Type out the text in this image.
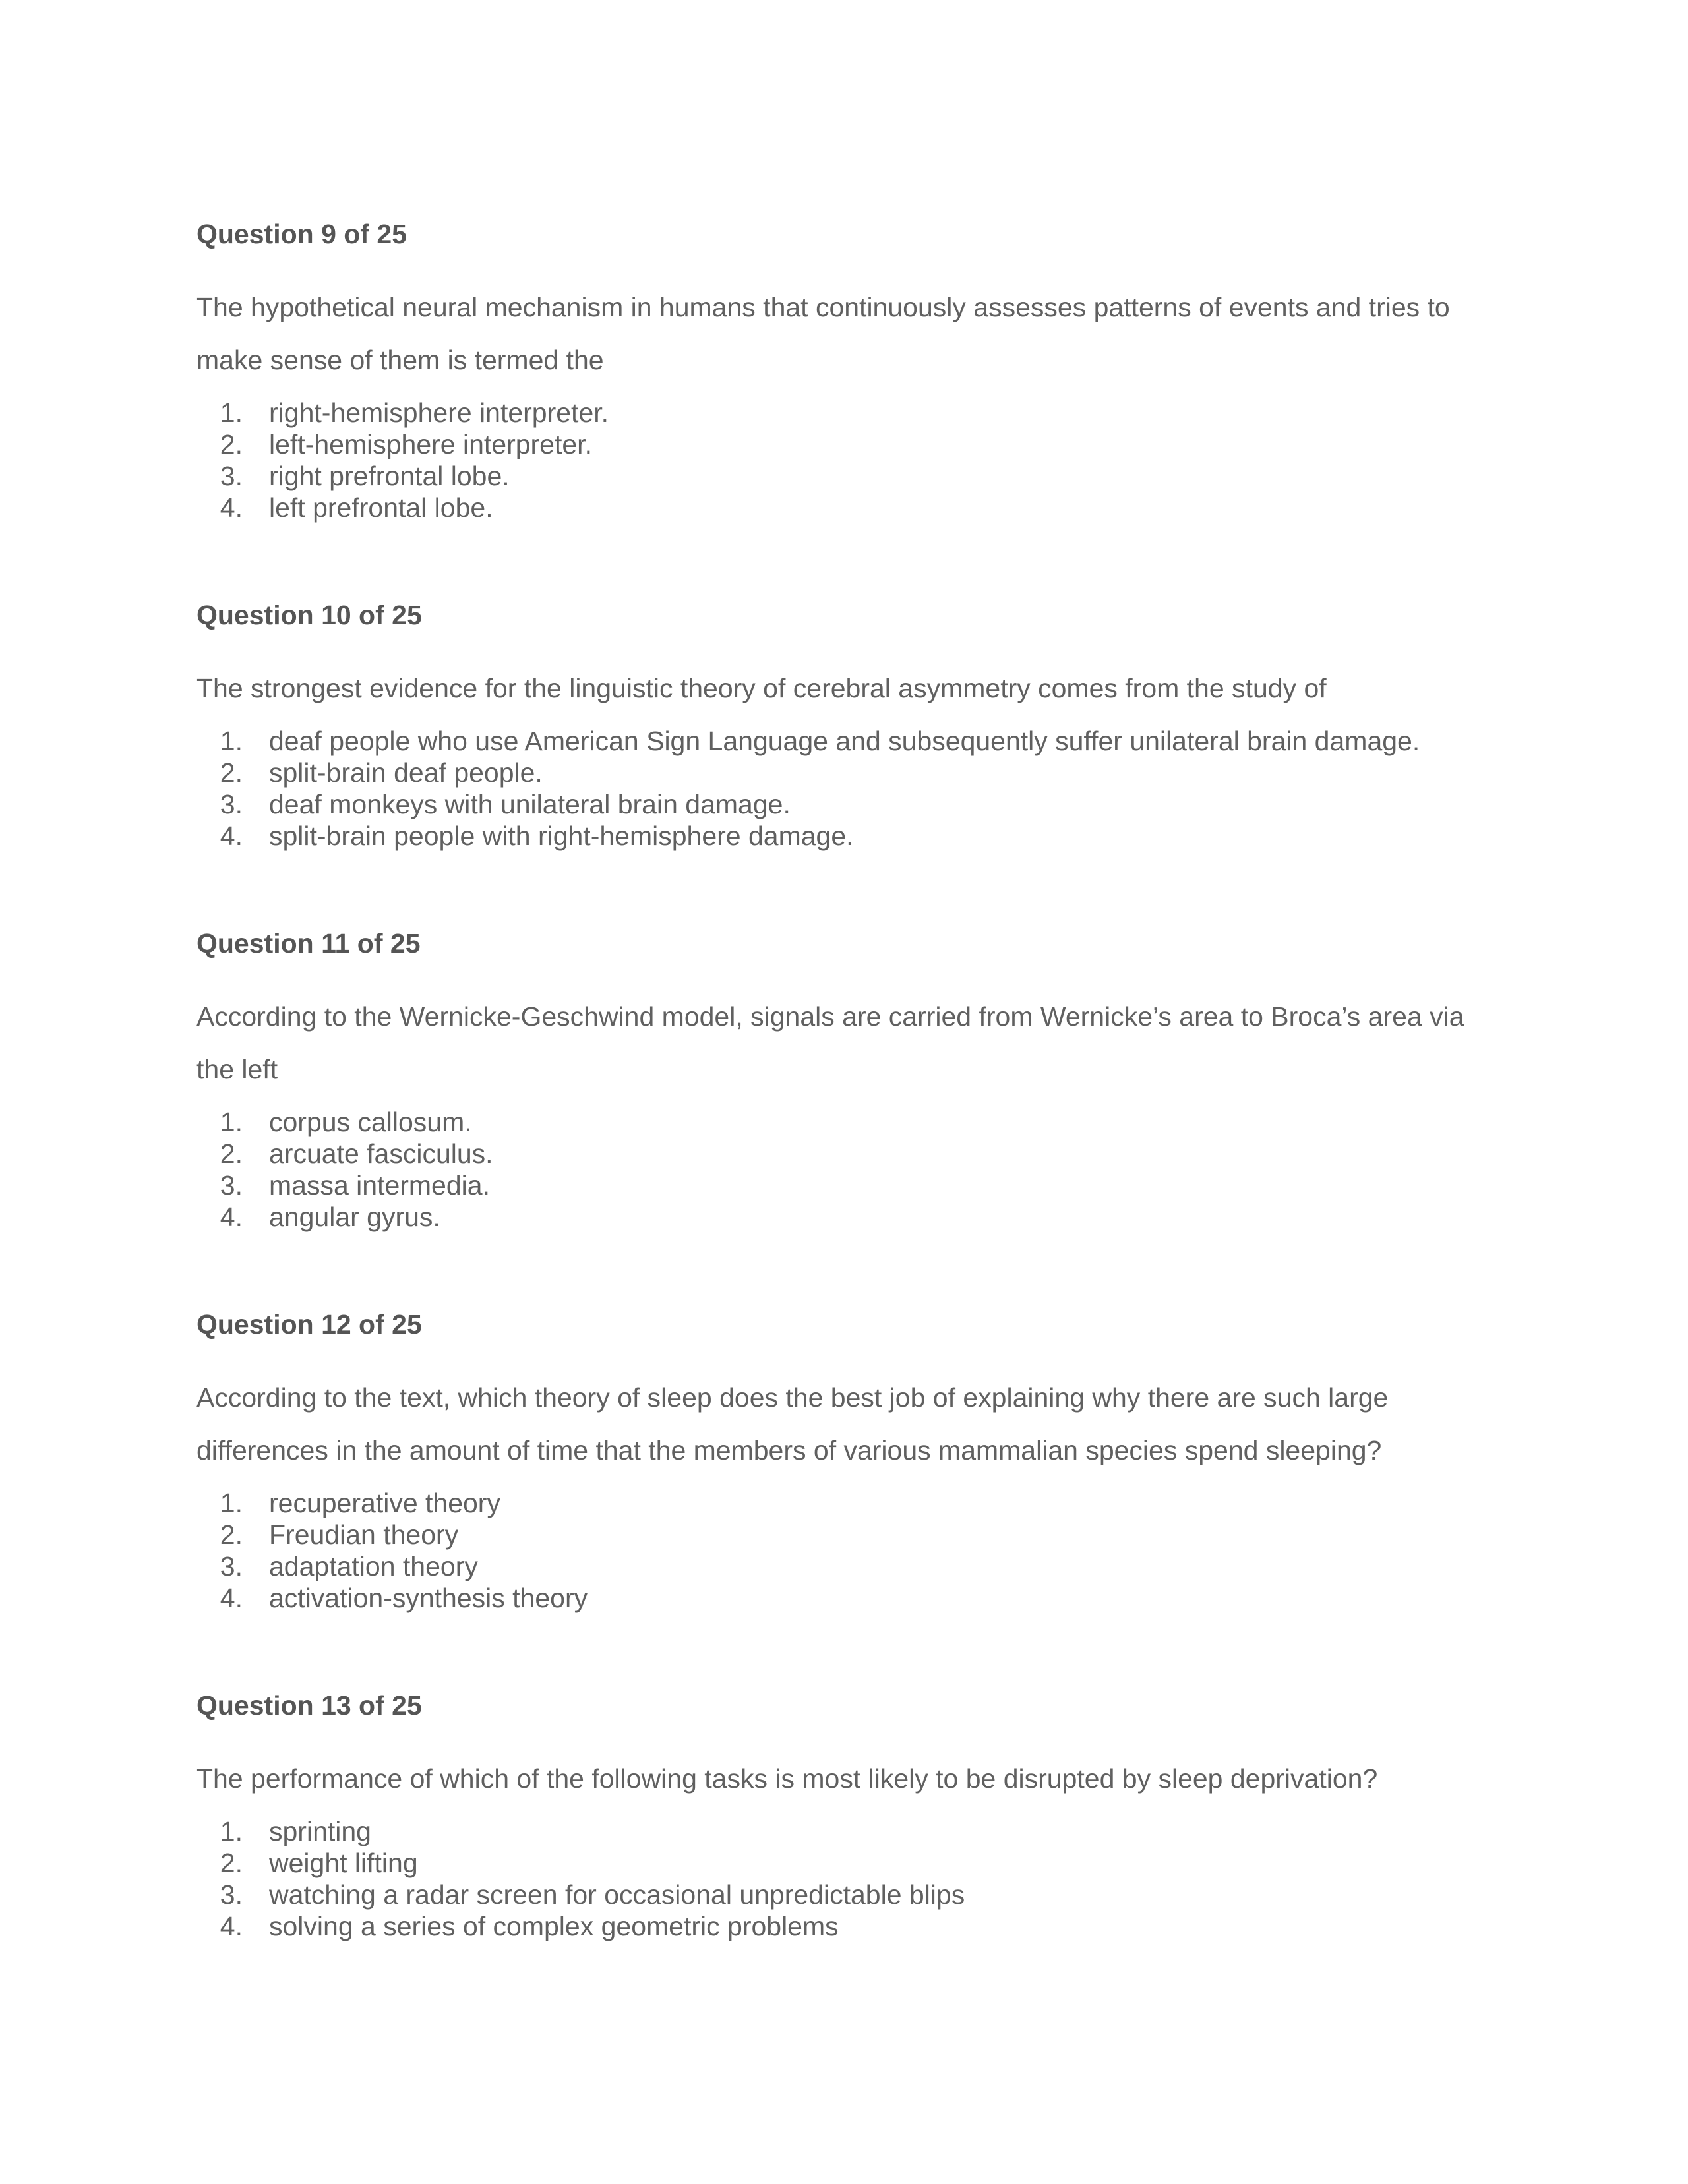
Question 9 of 25

The hypothetical neural mechanism in humans that continuously assesses patterns of events and tries to make sense of them is termed the

1. right-hemisphere interpreter.
2. left-hemisphere interpreter.
3. right prefrontal lobe.
4. left prefrontal lobe.
Question 10 of 25

The strongest evidence for the linguistic theory of cerebral asymmetry comes from the study of

1. deaf people who use American Sign Language and subsequently suffer unilateral brain damage.
2. split-brain deaf people.
3. deaf monkeys with unilateral brain damage.
4. split-brain people with right-hemisphere damage.
Question 11 of 25

According to the Wernicke-Geschwind model, signals are carried from Wernicke’s area to Broca’s area via the left

1. corpus callosum.
2. arcuate fasciculus.
3. massa intermedia.
4. angular gyrus.
Question 12 of 25

According to the text, which theory of sleep does the best job of explaining why there are such large differences in the amount of time that the members of various mammalian species spend sleeping?

1. recuperative theory
2. Freudian theory
3. adaptation theory
4. activation-synthesis theory
Question 13 of 25

The performance of which of the following tasks is most likely to be disrupted by sleep deprivation?

1. sprinting
2. weight lifting
3. watching a radar screen for occasional unpredictable blips
4. solving a series of complex geometric problems
